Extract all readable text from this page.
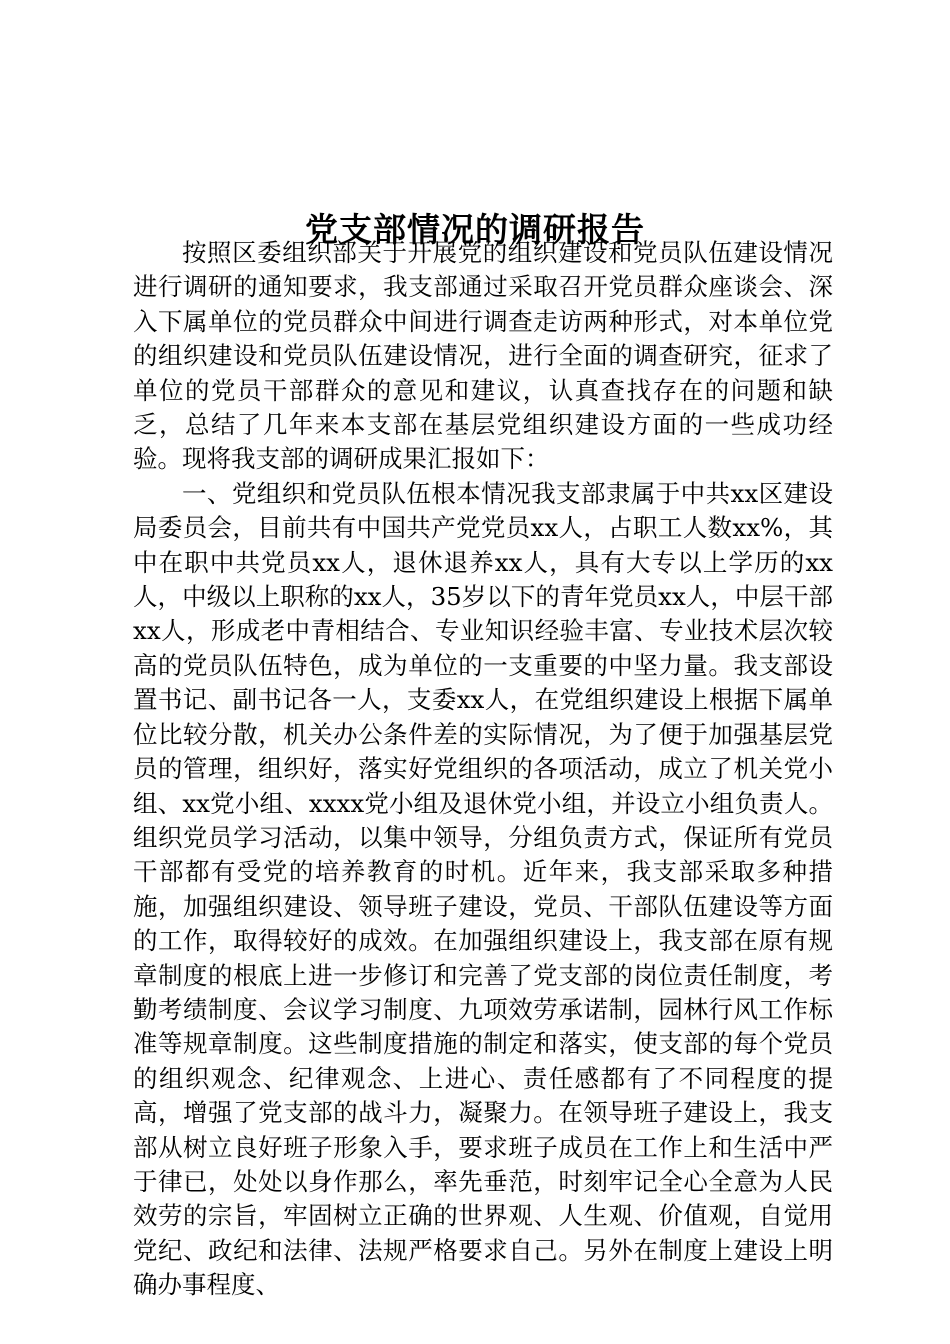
党支部情况的调研报告

按照区委组织部关于开展党的组织建设和党员队伍建设情况进行调研的通知要求，我支部通过采取召开党员群众座谈会、深入下属单位的党员群众中间进行调查走访两种形式，对本单位党的组织建设和党员队伍建设情况，进行全面的调查研究，征求了单位的党员干部群众的意见和建议，认真查找存在的问题和缺乏，总结了几年来本支部在基层党组织建设方面的一些成功经验。现将我支部的调研成果汇报如下：

一、党组织和党员队伍根本情况我支部隶属于中共xx区建设局委员会，目前共有中国共产党党员xx人，占职工人数xx%，其中在职中共党员xx人，退休退养xx人，具有大专以上学历的xx人，中级以上职称的xx人，35岁以下的青年党员xx人，中层干部xx人，形成老中青相结合、专业知识经验丰富、专业技术层次较高的党员队伍特色，成为单位的一支重要的中坚力量。我支部设置书记、副书记各一人，支委xx人，在党组织建设上根据下属单位比较分散，机关办公条件差的实际情况，为了便于加强基层党员的管理，组织好，落实好党组织的各项活动，成立了机关党小组、xx党小组、xxxx党小组及退休党小组，并设立小组负责人。组织党员学习活动，以集中领导，分组负责方式，保证所有党员干部都有受党的培养教育的时机。近年来，我支部采取多种措施，加强组织建设、领导班子建设，党员、干部队伍建设等方面的工作，取得较好的成效。在加强组织建设上，我支部在原有规章制度的根底上进一步修订和完善了党支部的岗位责任制度，考勤考绩制度、会议学习制度、九项效劳承诺制，园林行风工作标准等规章制度。这些制度措施的制定和落实，使支部的每个党员的组织观念、纪律观念、上进心、责任感都有了不同程度的提高，增强了党支部的战斗力，凝聚力。在领导班子建设上，我支部从树立良好班子形象入手，要求班子成员在工作上和生活中严于律已，处处以身作那么，率先垂范，时刻牢记全心全意为人民效劳的宗旨，牢固树立正确的世界观、人生观、价值观，自觉用党纪、政纪和法律、法规严格要求自己。另外在制度上建设上明确办事程度、
